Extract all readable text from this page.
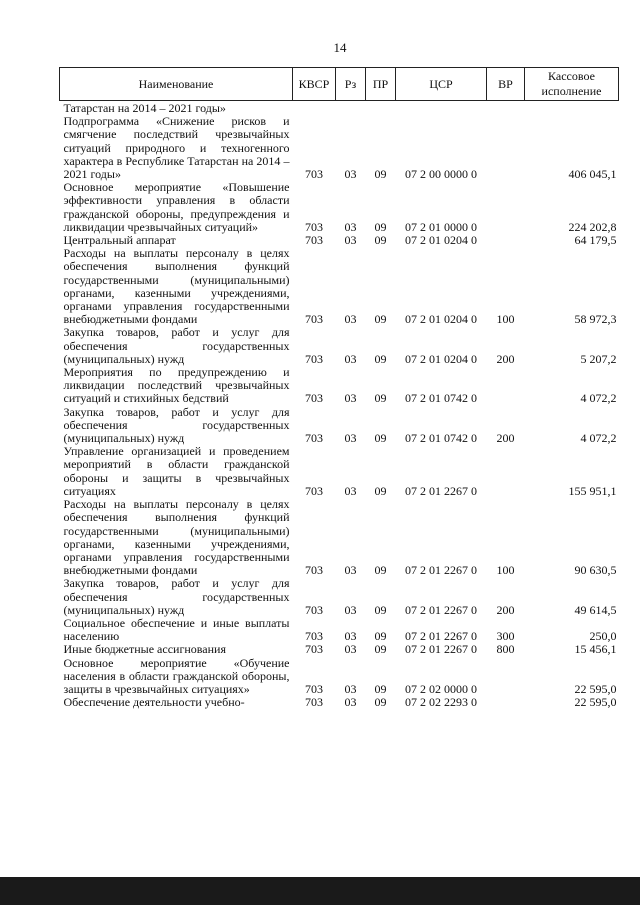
14
Наименование	КВСР	Рз	ПР	ЦСР	ВР	Кассовое исполнение
Татарстан на 2014 – 2021 годы»						
Подпрограмма «Снижение рисков и смягчение последствий чрезвычайных ситуаций природного и техногенного характера в Республике Татарстан на 2014 – 2021 годы»	703	03	09	07 2 00 0000 0		406 045,1
Основное мероприятие «Повышение эффективности управления в области гражданской обороны, предупреждения и ликвидации чрезвычайных ситуаций»	703	03	09	07 2 01 0000 0		224 202,8
Центральный аппарат	703	03	09	07 2 01 0204 0		64 179,5
Расходы на выплаты персоналу в целях обеспечения выполнения функций государственными (муниципальными) органами, казенными учреждениями, органами управления государственными внебюджетными фондами	703	03	09	07 2 01 0204 0	100	58 972,3
Закупка товаров, работ и услуг для обеспечения государственных (муниципальных) нужд	703	03	09	07 2 01 0204 0	200	5 207,2
Мероприятия по предупреждению и ликвидации последствий чрезвычайных ситуаций и стихийных бедствий	703	03	09	07 2 01 0742 0		4 072,2
Закупка товаров, работ и услуг для обеспечения государственных (муниципальных) нужд	703	03	09	07 2 01 0742 0	200	4 072,2
Управление организацией и проведением мероприятий в области гражданской обороны и защиты в чрезвычайных ситуациях	703	03	09	07 2 01 2267 0		155 951,1
Расходы на выплаты персоналу в целях обеспечения выполнения функций государственными (муниципальными) органами, казенными учреждениями, органами управления государственными внебюджетными фондами	703	03	09	07 2 01 2267 0	100	90 630,5
Закупка товаров, работ и услуг для обеспечения государственных (муниципальных) нужд	703	03	09	07 2 01 2267 0	200	49 614,5
Социальное обеспечение и иные выплаты населению	703	03	09	07 2 01 2267 0	300	250,0
Иные бюджетные ассигнования	703	03	09	07 2 01 2267 0	800	15 456,1
Основное мероприятие «Обучение населения в области гражданской обороны, защиты в чрезвычайных ситуациях»	703	03	09	07 2 02 0000 0		22 595,0
Обеспечение деятельности учебно-	703	03	09	07 2 02 2293 0		22 595,0
